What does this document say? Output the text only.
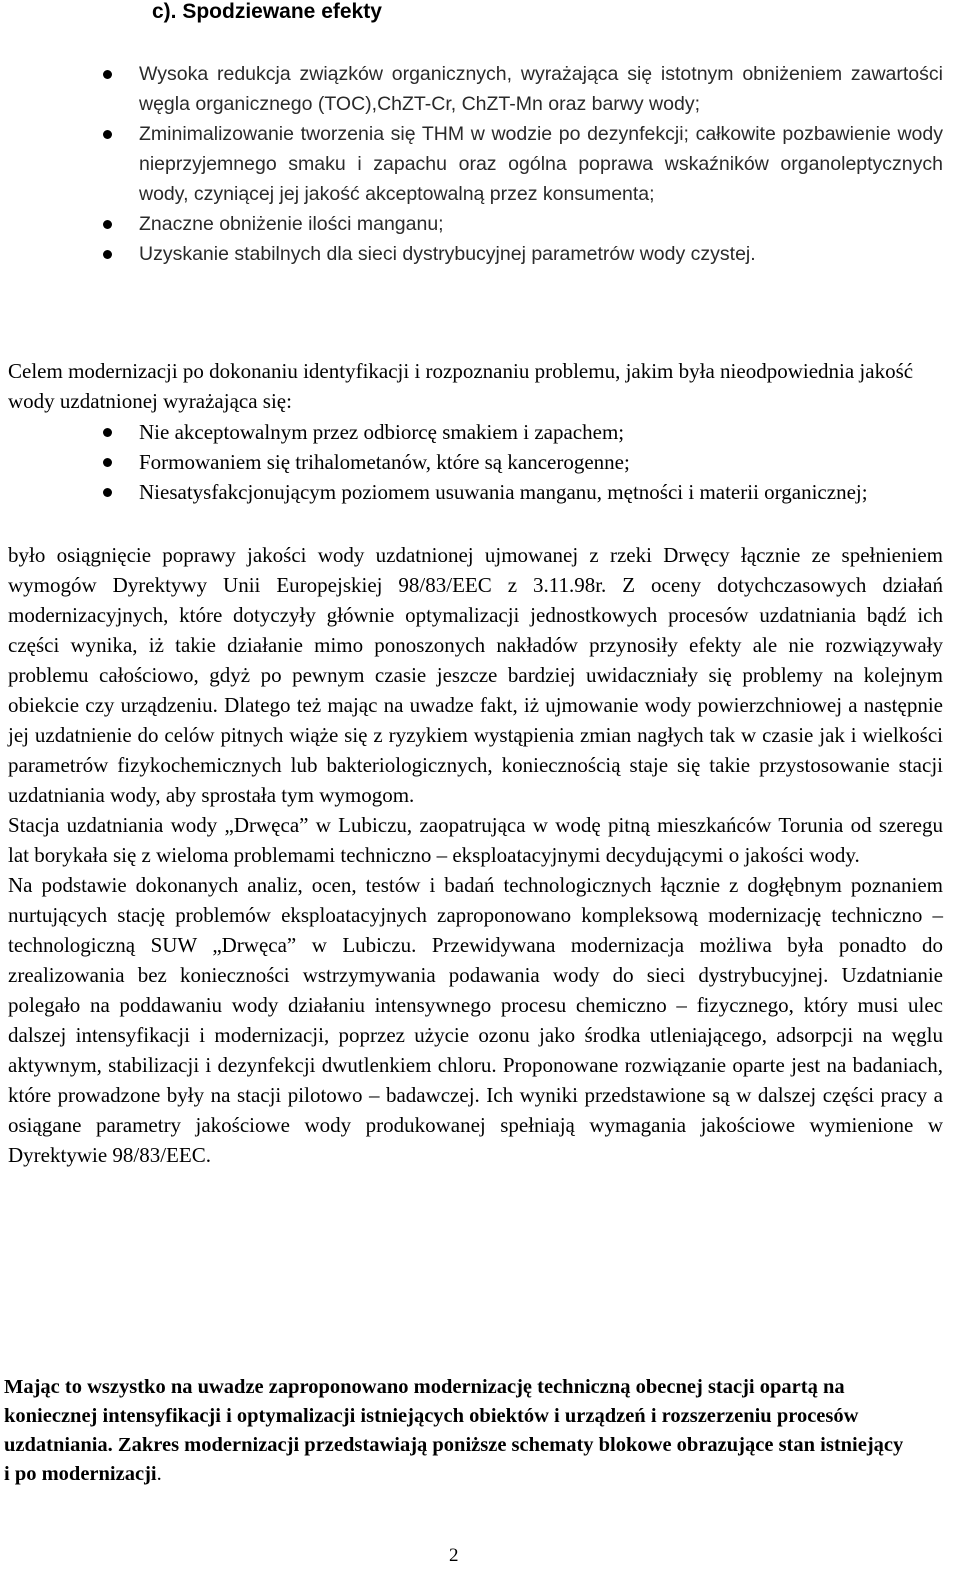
c). Spodziewane efekty
Wysoka redukcja związków organicznych, wyrażająca się istotnym obniżeniem zawartości węgla organicznego (TOC),ChZT-Cr, ChZT-Mn oraz barwy wody;
Zminimalizowanie tworzenia się THM w wodzie po dezynfekcji; całkowite pozbawienie wody nieprzyjemnego smaku i zapachu oraz ogólna poprawa wskaźników organoleptycznych wody, czyniącej jej jakość akceptowalną przez konsumenta;
Znaczne obniżenie ilości manganu;
Uzyskanie stabilnych dla sieci dystrybucyjnej parametrów wody czystej.

Celem modernizacji po dokonaniu identyfikacji i rozpoznaniu problemu, jakim była nieodpowiednia jakość wody uzdatnionej wyrażająca się:

Nie akceptowalnym przez odbiorcę smakiem i zapachem;
Formowaniem się trihalometanów, które są kancerogenne;
Niesatysfakcjonującym poziomem usuwania manganu, mętności i materii organicznej;
było osiągnięcie poprawy jakości wody uzdatnionej ujmowanej z rzeki Drwęcy łącznie ze spełnieniem wymogów Dyrektywy Unii Europejskiej 98/83/EEC z 3.11.98r. Z oceny dotychczasowych działań modernizacyjnych, które dotyczyły głównie optymalizacji jednostkowych procesów uzdatniania bądź ich części wynika, iż takie działanie mimo ponoszonych nakładów przynosiły efekty ale nie rozwiązywały problemu całościowo, gdyż po pewnym czasie jeszcze bardziej uwidaczniały się problemy na kolejnym obiekcie czy urządzeniu. Dlatego też mając na uwadze fakt, iż ujmowanie wody powierzchniowej a następnie jej uzdatnienie do celów pitnych wiąże się z ryzykiem wystąpienia zmian nagłych tak w czasie jak i wielkości parametrów fizykochemicznych lub bakteriologicznych, koniecznością staje się takie przystosowanie stacji uzdatniania wody, aby sprostała tym wymogom.
Stacja uzdatniania wody „Drwęca” w Lubiczu, zaopatrująca w wodę pitną mieszkańców Torunia od szeregu lat borykała się z wieloma problemami techniczno – eksploatacyjnymi decydującymi o jakości wody.
Na podstawie dokonanych analiz, ocen, testów i badań technologicznych łącznie z dogłębnym poznaniem nurtujących stację problemów eksploatacyjnych zaproponowano kompleksową modernizację techniczno – technologiczną SUW „Drwęca” w Lubiczu. Przewidywana modernizacja możliwa była ponadto do zrealizowania bez konieczności wstrzymywania podawania wody do sieci dystrybucyjnej. Uzdatnianie polegało na poddawaniu wody działaniu intensywnego procesu chemiczno – fizycznego, który musi ulec dalszej intensyfikacji i modernizacji, poprzez użycie ozonu jako środka utleniającego, adsorpcji na węglu aktywnym, stabilizacji i dezynfekcji dwutlenkiem chloru. Proponowane rozwiązanie oparte jest na badaniach, które prowadzone były na stacji pilotowo – badawczej. Ich wyniki przedstawione są w dalszej części pracy a osiągane parametry jakościowe wody produkowanej spełniają wymagania jakościowe wymienione w Dyrektywie 98/83/EEC.

Mając to wszystko na uwadze zaproponowano modernizację techniczną obecnej stacji opartą na koniecznej intensyfikacji i optymalizacji istniejących obiektów i urządzeń i rozszerzeniu procesów uzdatniania. Zakres modernizacji przedstawiają poniższe schematy blokowe obrazujące stan istniejący i po modernizacji.

2
